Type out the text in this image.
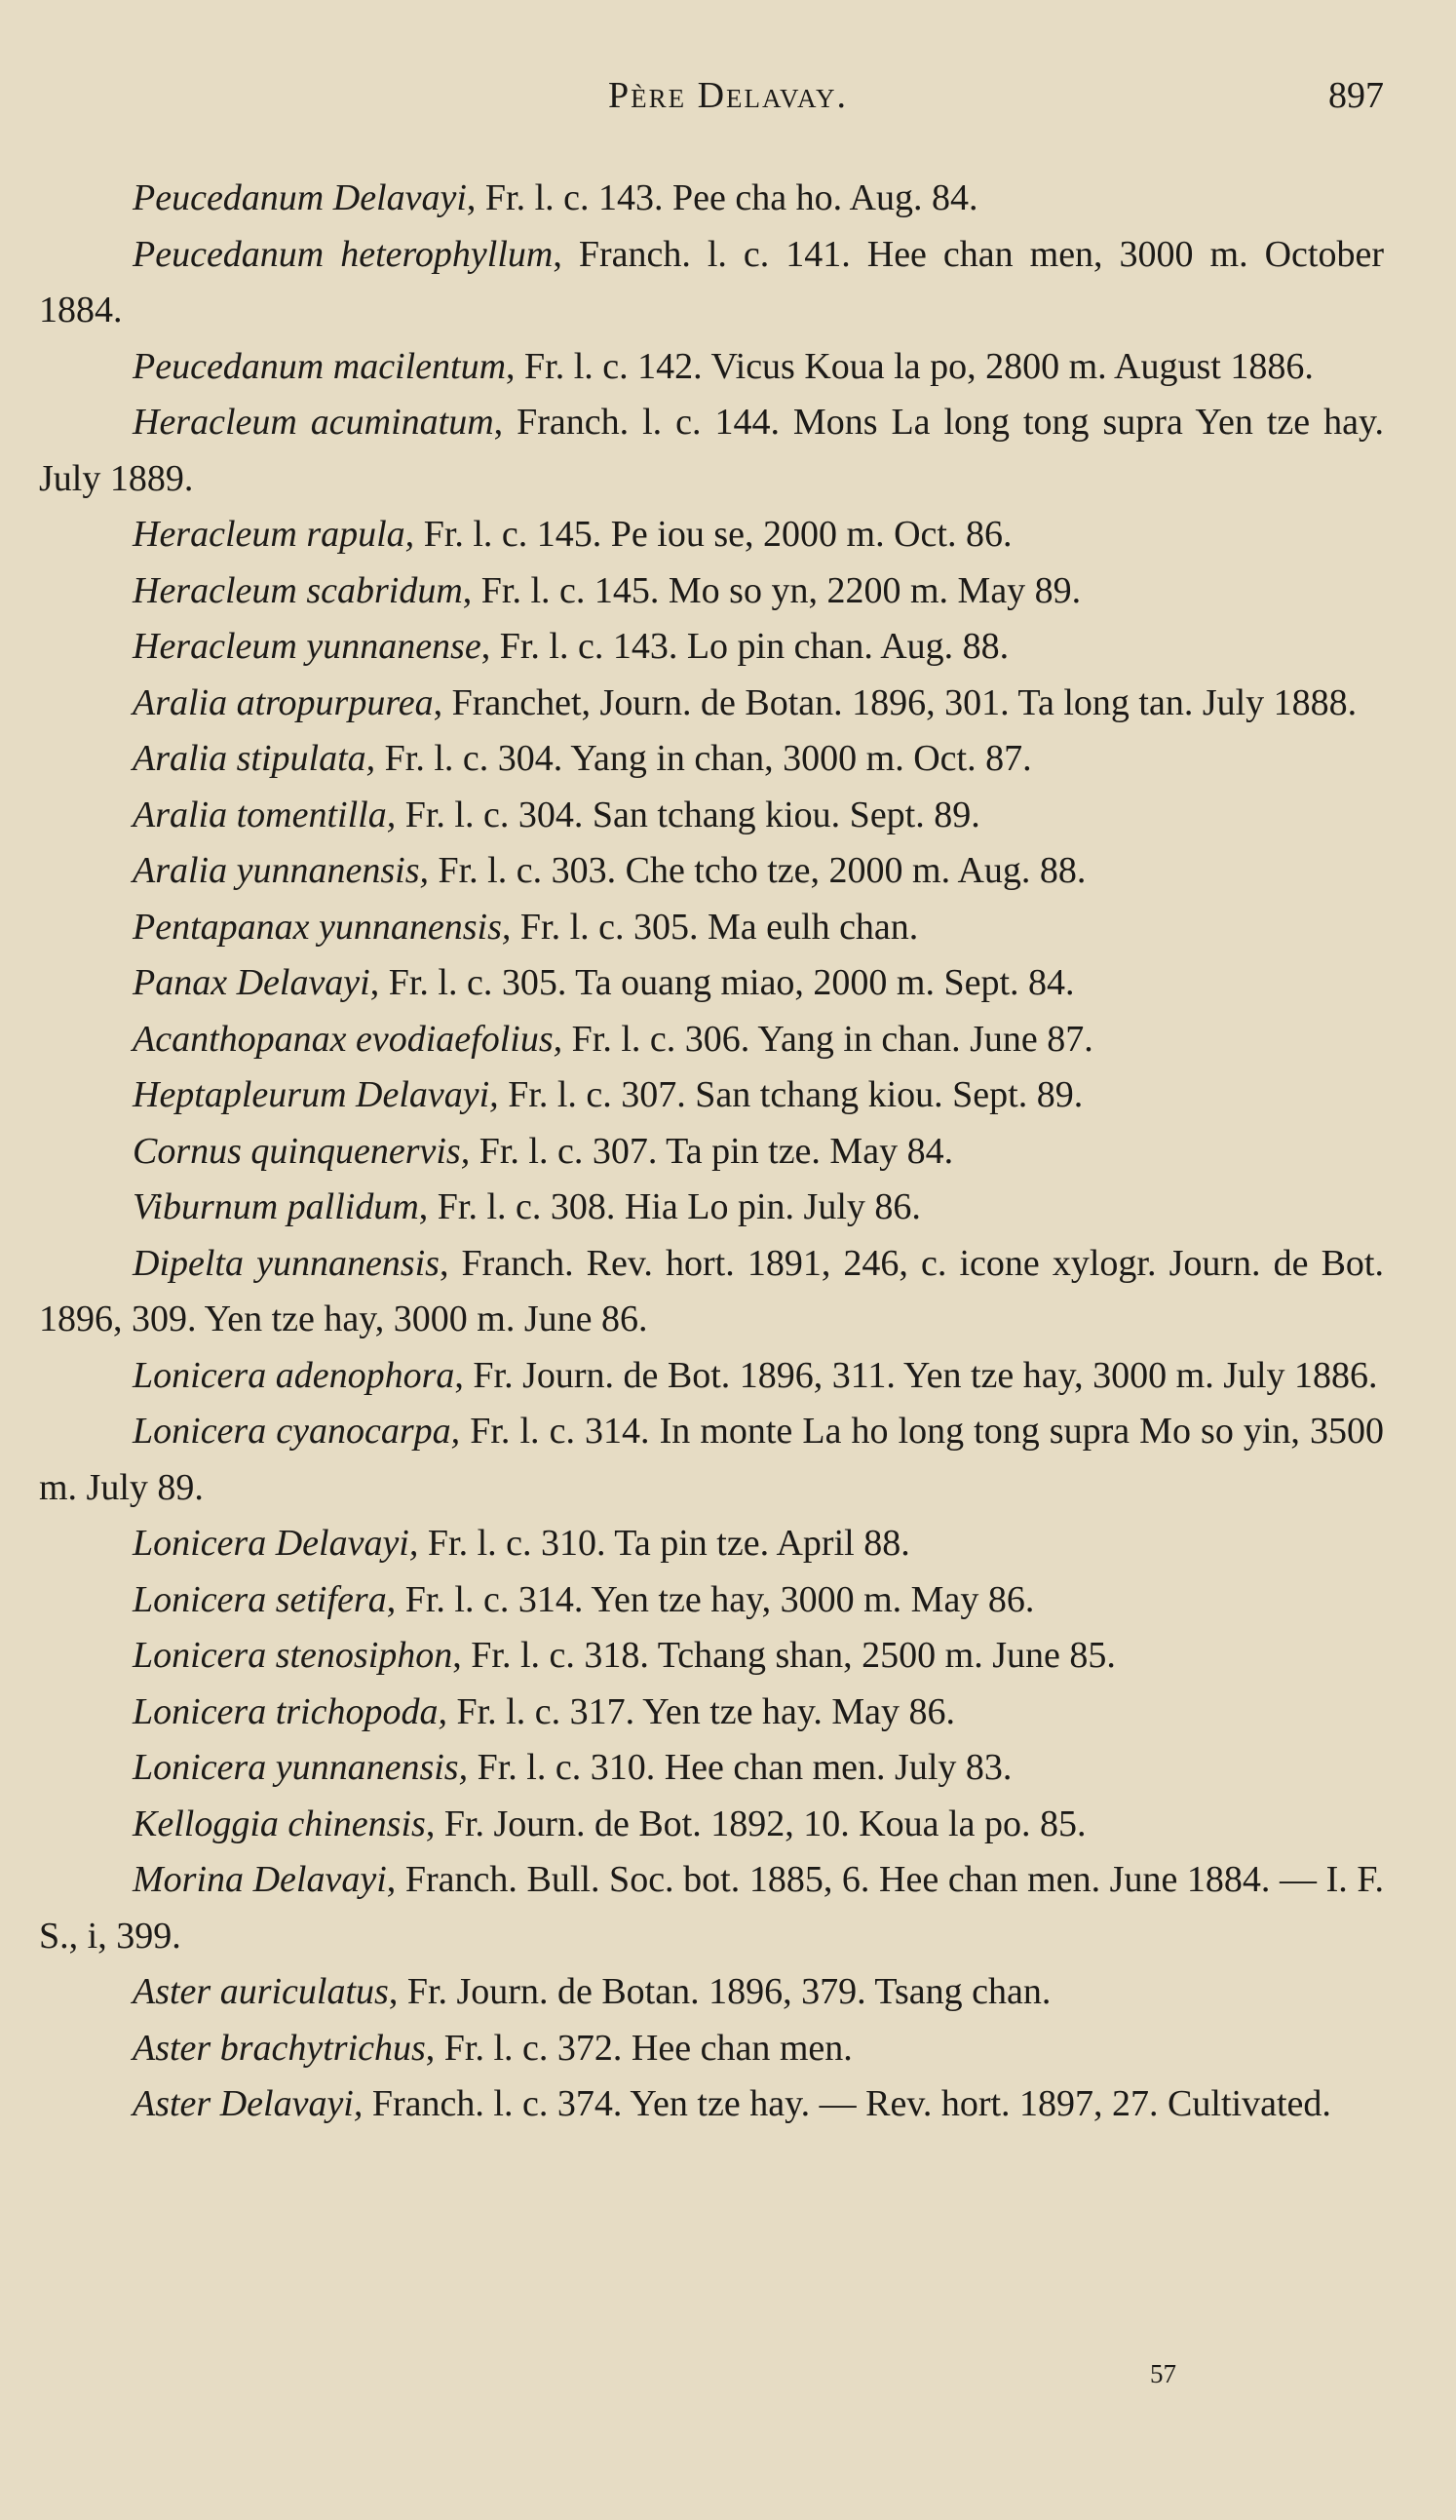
Père Delavay.	897

Peucedanum Delavayi, Fr. l. c. 143. Pee cha ho. Aug. 84.

Peucedanum heterophyllum, Franch. l. c. 141. Hee chan men, 3000 m. October 1884.

Peucedanum macilentum, Fr. l. c. 142. Vicus Koua la po, 2800 m. August 1886.

Heracleum acuminatum, Franch. l. c. 144. Mons La long tong supra Yen tze hay. July 1889.

Heracleum rapula, Fr. l. c. 145. Pe iou se, 2000 m. Oct. 86.

Heracleum scabridum, Fr. l. c. 145. Mo so yn, 2200 m. May 89.

Heracleum yunnanense, Fr. l. c. 143. Lo pin chan. Aug. 88.

Aralia atropurpurea, Franchet, Journ. de Botan. 1896, 301. Ta long tan. July 1888.

Aralia stipulata, Fr. l. c. 304. Yang in chan, 3000 m. Oct. 87.

Aralia tomentilla, Fr. l. c. 304. San tchang kiou. Sept. 89.

Aralia yunnanensis, Fr. l. c. 303. Che tcho tze, 2000 m. Aug. 88.

Pentapanax yunnanensis, Fr. l. c. 305. Ma eulh chan.

Panax Delavayi, Fr. l. c. 305. Ta ouang miao, 2000 m. Sept. 84.

Acanthopanax evodiaefolius, Fr. l. c. 306. Yang in chan. June 87.

Heptapleurum Delavayi, Fr. l. c. 307. San tchang kiou. Sept. 89.

Cornus quinquenervis, Fr. l. c. 307. Ta pin tze. May 84.

Viburnum pallidum, Fr. l. c. 308. Hia Lo pin. July 86.

Dipelta yunnanensis, Franch. Rev. hort. 1891, 246, c. icone xylogr. Journ. de Bot. 1896, 309. Yen tze hay, 3000 m. June 86.

Lonicera adenophora, Fr. Journ. de Bot. 1896, 311. Yen tze hay, 3000 m. July 1886.

Lonicera cyanocarpa, Fr. l. c. 314. In monte La ho long tong supra Mo so yin, 3500 m. July 89.

Lonicera Delavayi, Fr. l. c. 310. Ta pin tze. April 88.

Lonicera setifera, Fr. l. c. 314. Yen tze hay, 3000 m. May 86.

Lonicera stenosiphon, Fr. l. c. 318. Tchang shan, 2500 m. June 85.

Lonicera trichopoda, Fr. l. c. 317. Yen tze hay. May 86.

Lonicera yunnanensis, Fr. l. c. 310. Hee chan men. July 83.

Kelloggia chinensis, Fr. Journ. de Bot. 1892, 10. Koua la po. 85.

Morina Delavayi, Franch. Bull. Soc. bot. 1885, 6. Hee chan men. June 1884. — I. F. S., i, 399.

Aster auriculatus, Fr. Journ. de Botan. 1896, 379. Tsang chan.

Aster brachytrichus, Fr. l. c. 372. Hee chan men.

Aster Delavayi, Franch. l. c. 374. Yen tze hay. — Rev. hort. 1897, 27. Cultivated.

57
